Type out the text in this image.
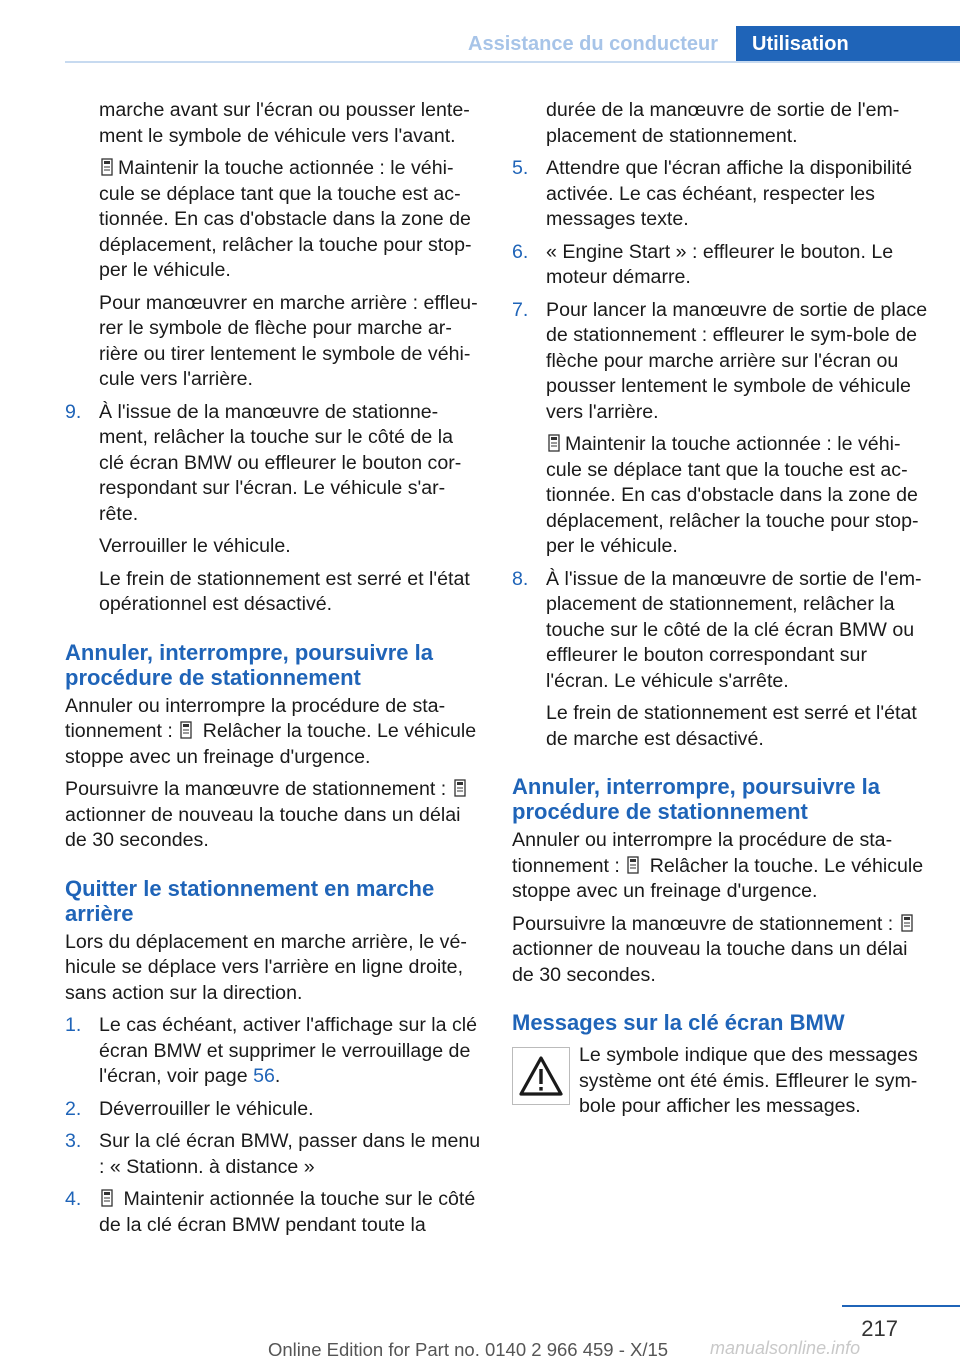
Assistance du conducteur	Utilisation

marche avant sur l'écran ou pousser lente-ment le symbole de véhicule vers l'avant.

Maintenir la touche actionnée : le véhi-cule se déplace tant que la touche est ac-tionnée. En cas d'obstacle dans la zone de déplacement, relâcher la touche pour stop-per le véhicule.

Pour manœuvrer en marche arrière : effleu-rer le symbole de flèche pour marche ar-rière ou tirer lentement le symbole de véhi-cule vers l'arrière.

9. À l'issue de la manœuvre de stationne-ment, relâcher la touche sur le côté de la clé écran BMW ou effleurer le bouton cor-respondant sur l'écran. Le véhicule s'ar-rête.

Verrouiller le véhicule.

Le frein de stationnement est serré et l'état opérationnel est désactivé.

Annuler, interrompre, poursuivre la procédure de stationnement

Annuler ou interrompre la procédure de sta-tionnement : Relâcher la touche. Le véhicule stoppe avec un freinage d'urgence.

Poursuivre la manœuvre de stationnement :  actionner de nouveau la touche dans un délai de 30 secondes.

Quitter le stationnement en marche arrière

Lors du déplacement en marche arrière, le vé-hicule se déplace vers l'arrière en ligne droite, sans action sur la direction.

1. Le cas échéant, activer l'affichage sur la clé écran BMW et supprimer le verrouillage de l'écran, voir page 56.

2. Déverrouiller le véhicule.

3. Sur la clé écran BMW, passer dans le menu : « Stationn. à distance »

4.	Maintenir actionnée la touche sur le côté de la clé écran BMW pendant toute la

durée de la manœuvre de sortie de l'em-placement de stationnement.

5. Attendre que l'écran affiche la disponibilité activée. Le cas échéant, respecter les messages texte.

6. « Engine Start » : effleurer le bouton. Le moteur démarre.

7. Pour lancer la manœuvre de sortie de place de stationnement : effleurer le sym-bole de flèche pour marche arrière sur l'écran ou pousser lentement le symbole de véhicule vers l'arrière.

Maintenir la touche actionnée : le véhi-cule se déplace tant que la touche est ac-tionnée. En cas d'obstacle dans la zone de déplacement, relâcher la touche pour stop-per le véhicule.

8. À l'issue de la manœuvre de sortie de l'em-placement de stationnement, relâcher la touche sur le côté de la clé écran BMW ou effleurer le bouton correspondant sur l'écran. Le véhicule s'arrête.

Le frein de stationnement est serré et l'état de marche est désactivé.

Annuler, interrompre, poursuivre la procédure de stationnement

Annuler ou interrompre la procédure de sta-tionnement : Relâcher la touche. Le véhicule stoppe avec un freinage d'urgence.

Poursuivre la manœuvre de stationnement :  actionner de nouveau la touche dans un délai de 30 secondes.

Messages sur la clé écran BMW

Le symbole indique que des messages système ont été émis. Effleurer le sym-bole pour afficher les messages.

217
Online Edition for Part no. 0140 2 966 459 - X/15 manualsonline.info
